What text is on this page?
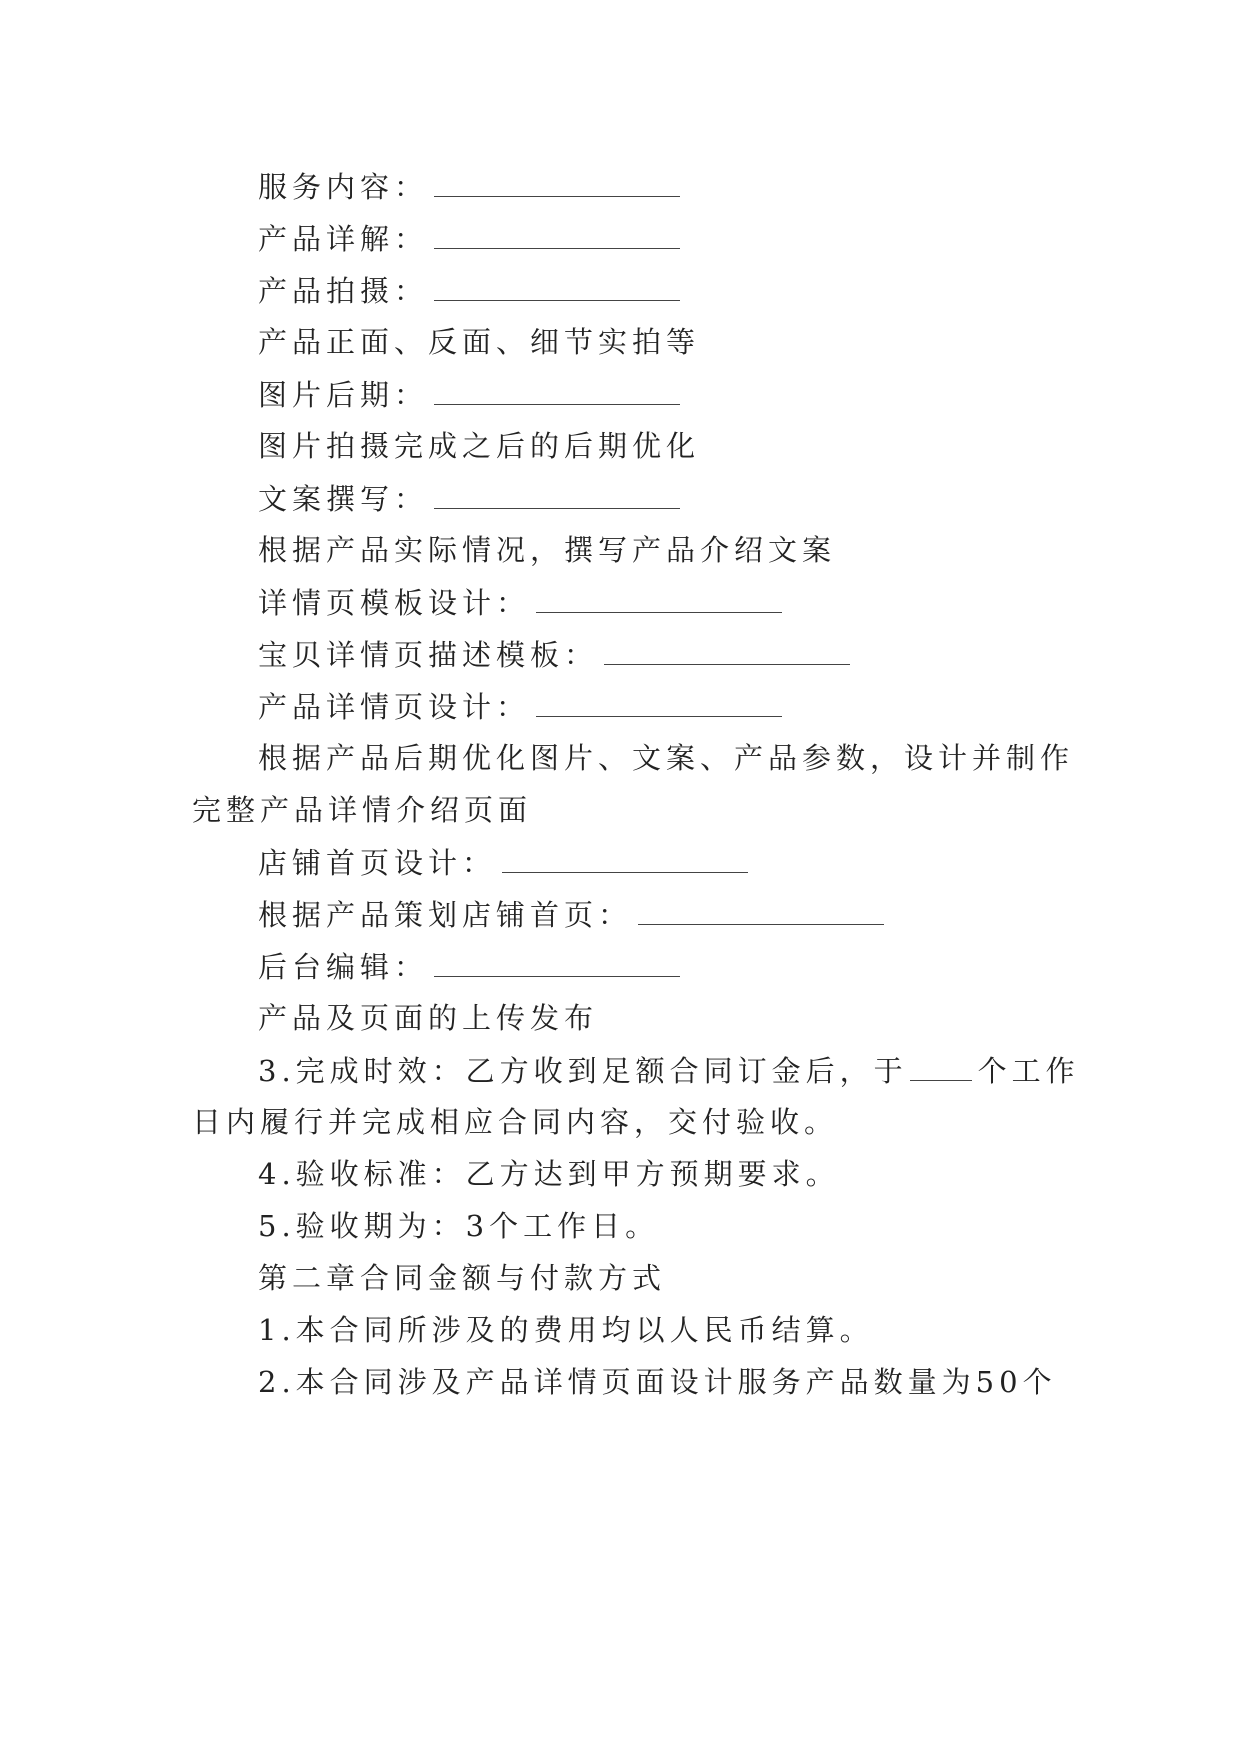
服务内容：
产品详解：
产品拍摄：
产品正面、反面、细节实拍等
图片后期：
图片拍摄完成之后的后期优化
文案撰写：
根据产品实际情况，撰写产品介绍文案
详情页模板设计：
宝贝详情页描述模板：
产品详情页设计：
根据产品后期优化图片、文案、产品参数，设计并制作
完整产品详情介绍页面
店铺首页设计：
根据产品策划店铺首页：
后台编辑：
产品及页面的上传发布
3.完成时效：乙方收到足额合同订金后，于 个工作
日内履行并完成相应合同内容，交付验收。
4.验收标准：乙方达到甲方预期要求。
5.验收期为：3个工作日。
第二章合同金额与付款方式
1.本合同所涉及的费用均以人民币结算。
2.本合同涉及产品详情页面设计服务产品数量为50个
